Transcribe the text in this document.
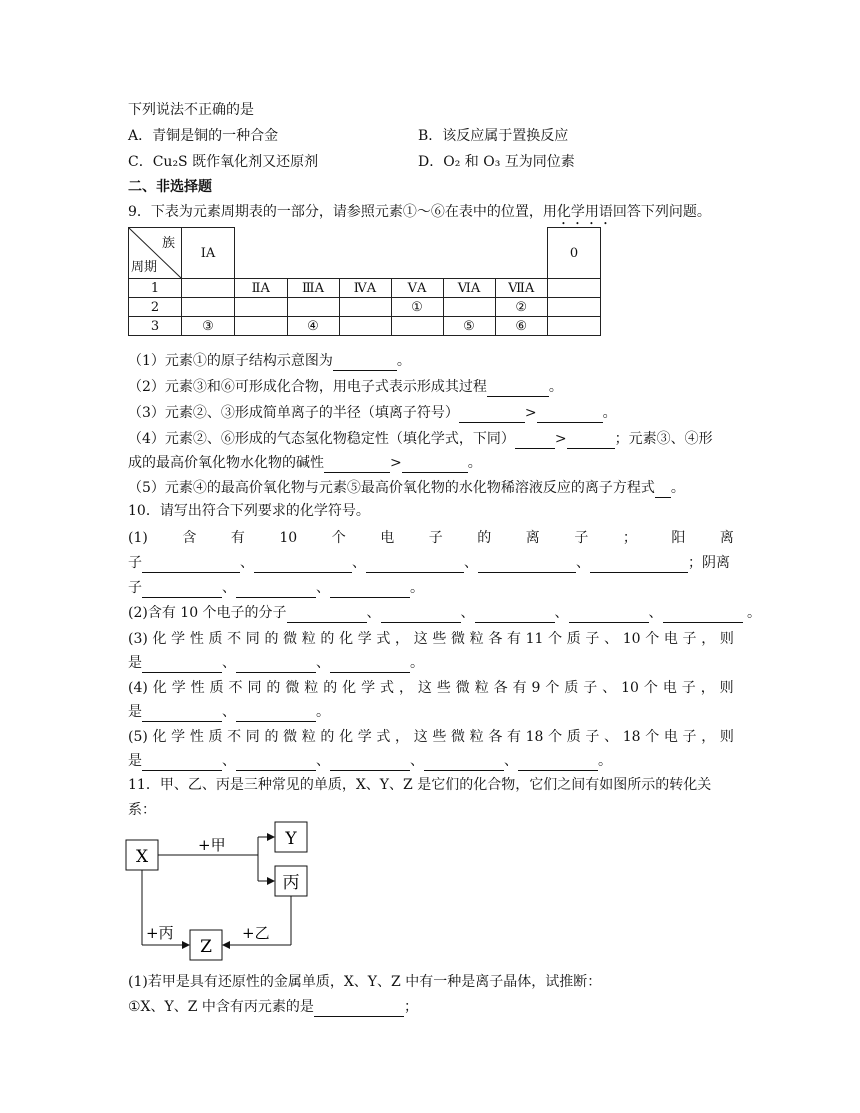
下列说法不正确的是
A．青铜是铜的一种合金	B．该反应属于置换反应
C．Cu₂S 既作氧化剂又还原剂	D．O₂ 和 O₃ 互为同位素
二、非选择题
9．下表为元素周期表的一部分，请参照元素①～⑥在表中的位置，用化学用语回答下列问题。
族
周期	ⅠA							0
1		ⅡA	ⅢA	ⅣA	ⅤA	ⅥA	ⅦA	
2					①		②	
3	③		④			⑤	⑥	
（1）元素①的原子结构示意图为	。
（2）元素③和⑥可形成化合物，用电子式表示形成其过程	。
（3）元素②、③形成简单离子的半径（填离子符号）	>	。
（4）元素②、⑥形成的气态氢化物稳定性（填化学式，下同）	>	；元素③、④形
成的最高价氧化物水化物的碱性	>	。
（5）元素④的最高价氧化物与元素⑤最高价氧化物的水化物稀溶液反应的离子方程式 。
10．请写出符合下列要求的化学符号。
(1) 含 有 10 个 电 子 的 离 子 ； 阳 离
子	、	、	、	、	；阴离
子	、	、	。
(2)含有 10 个电子的分子	、	、	、	、	。
(3) 化 学 性 质 不 同 的 微 粒 的 化 学 式 ， 这 些 微 粒 各 有 11 个 质 子 、 10 个 电 子 ， 则
是	、	、	。
(4) 化 学 性 质 不 同 的 微 粒 的 化 学 式 ， 这 些 微 粒 各 有 9 个 质 子 、 10 个 电 子 ， 则
是	、	。
(5) 化 学 性 质 不 同 的 微 粒 的 化 学 式 ， 这 些 微 粒 各 有 18 个 质 子 、 18 个 电 子 ， 则
是	、	、	、	、	。
11．甲、乙、丙是三种常见的单质，X、Y、Z 是它们的化合物，它们之间有如图所示的转化关
系：
X
Y
丙
Z
+甲
+丙	+乙
(1)若甲是具有还原性的金属单质，X、Y、Z 中有一种是离子晶体，试推断：
①X、Y、Z 中含有丙元素的是	；
